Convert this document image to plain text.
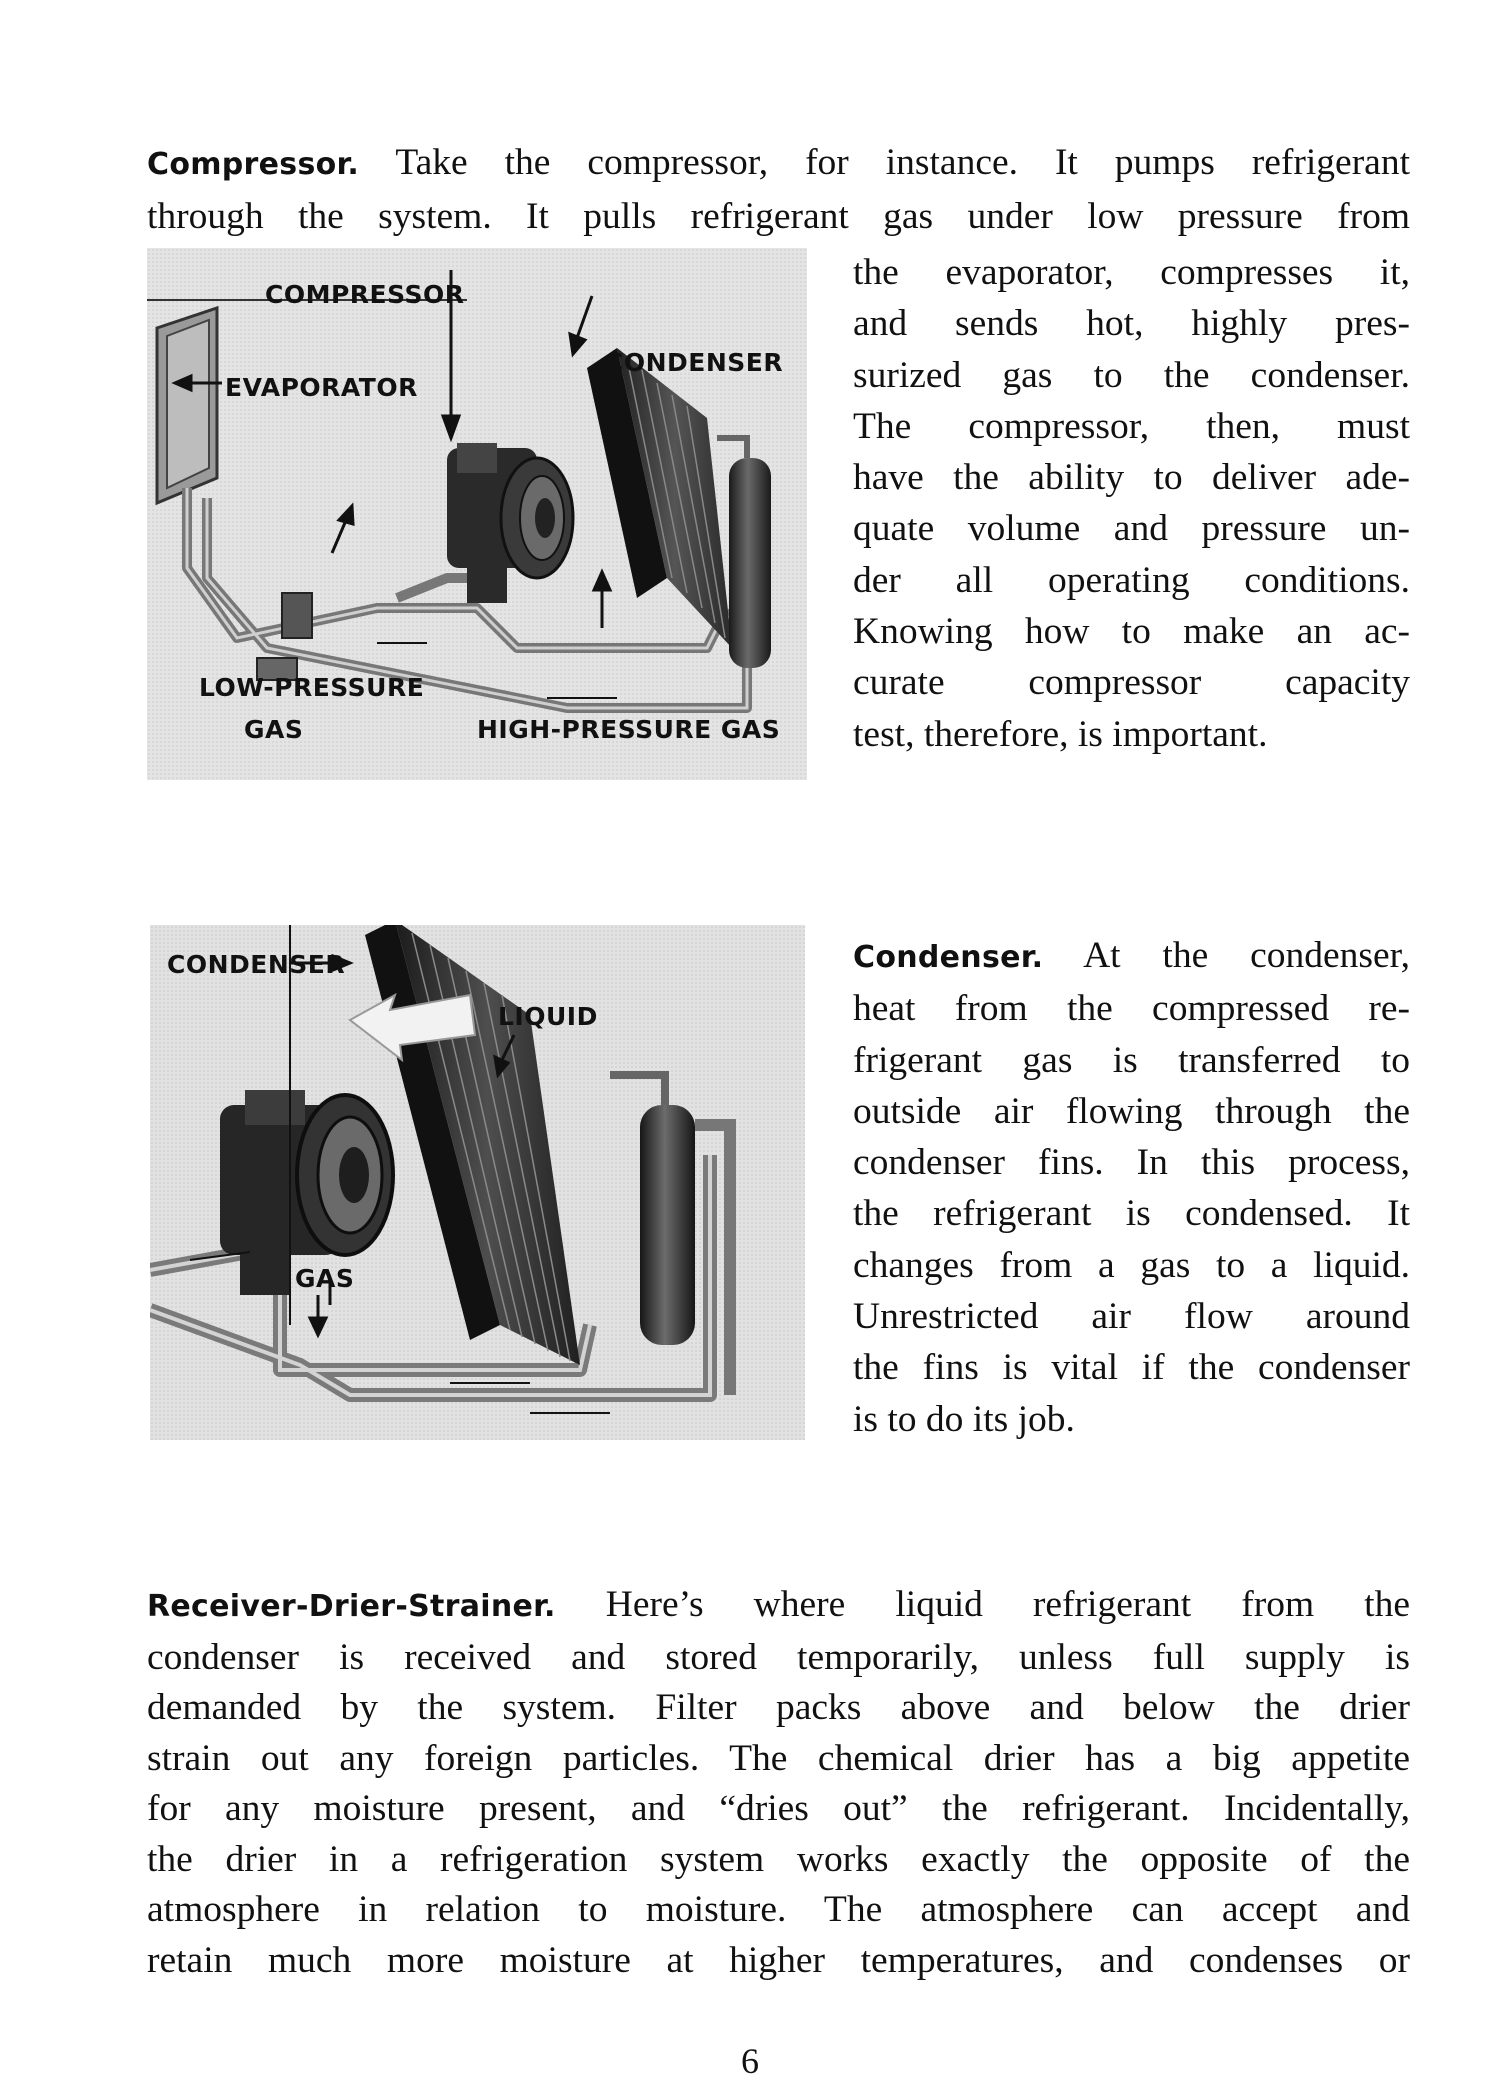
Compressor. Take the compressor, for instance. It pumps refrigerant
through the system. It pulls refrigerant gas under low pressure from
COMPRESSOR
CONDENSER
EVAPORATOR
LOW-PRESSURE
GAS	HIGH-PRESSURE GAS
the evaporator, compresses it,
and sends hot, highly pres-
surized gas to the condenser.
The compressor, then, must
have the ability to deliver ade-
quate volume and pressure un-
der all operating conditions.
Knowing how to make an ac-
curate compressor capacity
test, therefore, is important.
CONDENSER
LIQUID
GAS
Condenser. At the condenser,
heat from the compressed re-
frigerant gas is transferred to
outside air flowing through the
condenser fins. In this process,
the refrigerant is condensed. It
changes from a gas to a liquid.
Unrestricted air flow around
the fins is vital if the condenser
is to do its job.
Receiver-Drier-Strainer. Here’s where liquid refrigerant from the
condenser is received and stored temporarily, unless full supply is
demanded by the system. Filter packs above and below the drier
strain out any foreign particles. The chemical drier has a big appetite
for any moisture present, and “dries out” the refrigerant. Incidentally,
the drier in a refrigeration system works exactly the opposite of the
atmosphere in relation to moisture. The atmosphere can accept and
retain much more moisture at higher temperatures, and condenses or
6
